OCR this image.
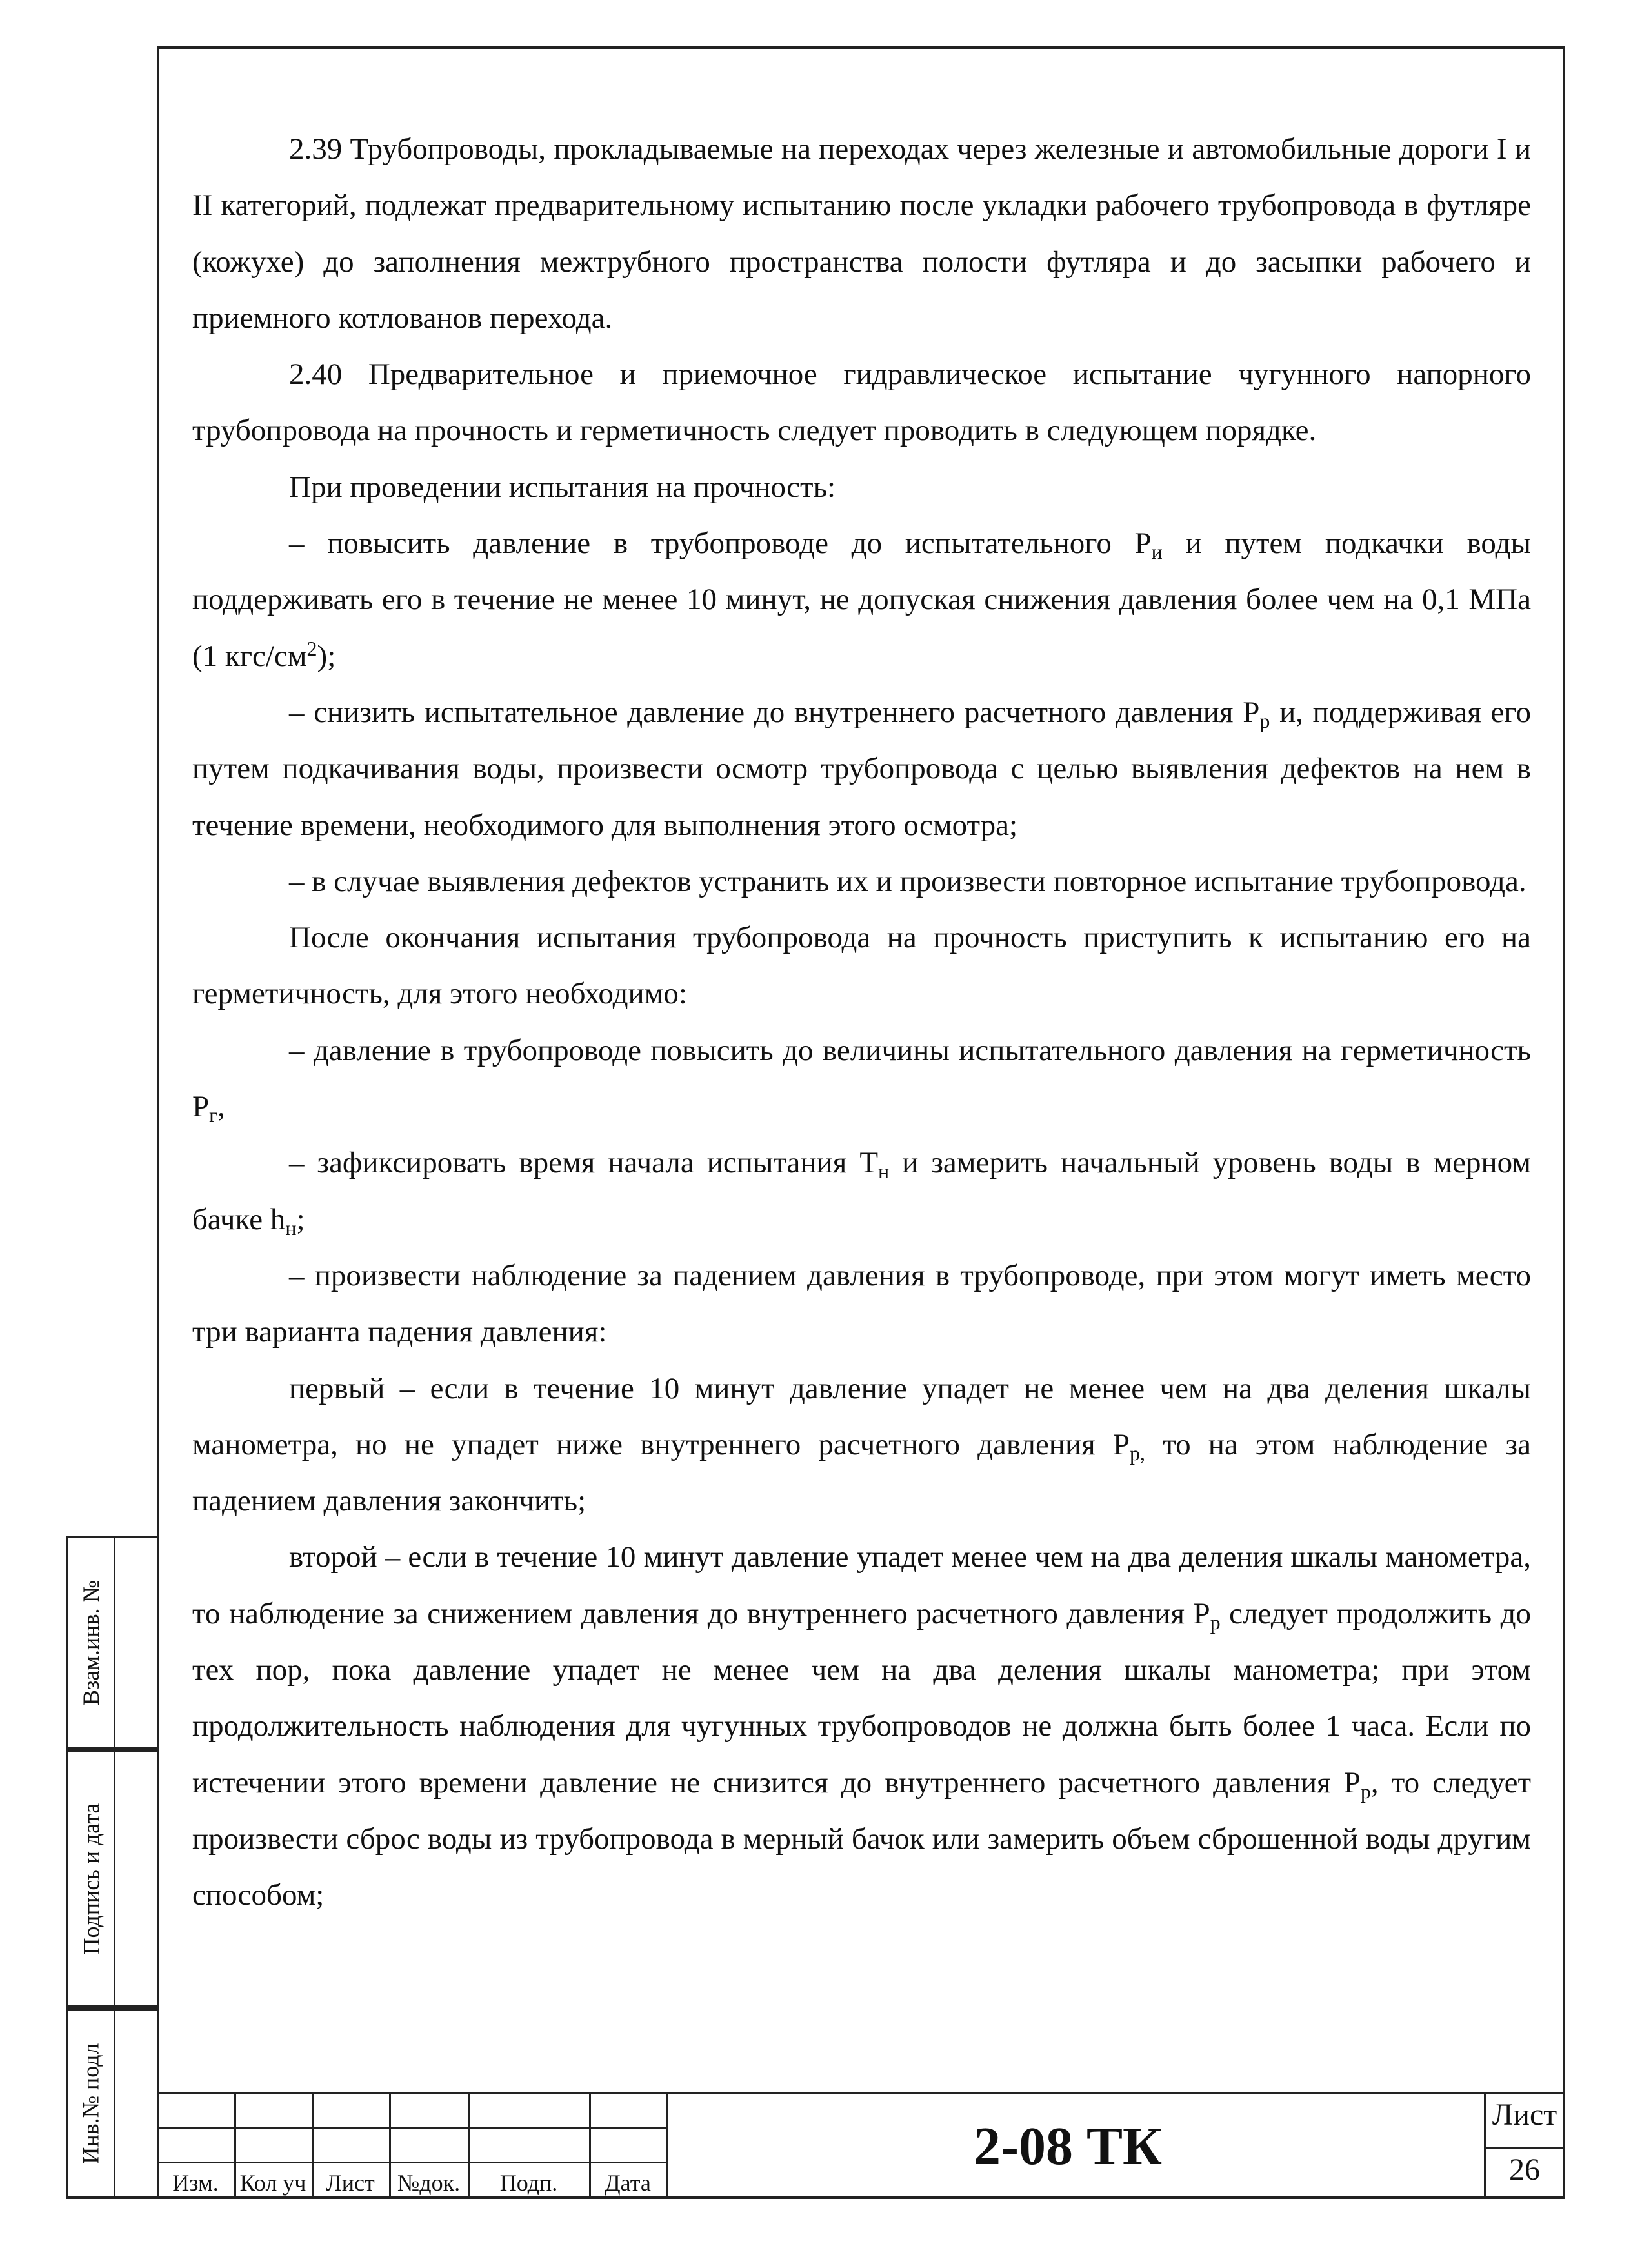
2.39 Трубопроводы, прокладываемые на переходах через железные и автомобильные дороги I и II категорий, подлежат предварительному испытанию после укладки рабочего трубопровода в футляре (кожухе) до заполнения межтрубного пространства полости футляра и до засыпки рабочего и приемного котлованов перехода.

2.40 Предварительное и приемочное гидравлическое испытание чугунного напорного трубопровода на прочность и герметичность следует проводить в следующем порядке.

При проведении испытания на прочность:

– повысить давление в трубопроводе до испытательного $Р_и$ и путем подкачки воды поддерживать его в течение не менее 10 минут, не допуская снижения давления более чем на 0,1 МПа (1 кгс/$см^2$);

– снизить испытательное давление до внутреннего расчетного давления $Р_р$ и, поддерживая его путем подкачивания воды, произвести осмотр трубопровода с целью выявления дефектов на нем в течение времени, необходимого для выполнения этого осмотра;

– в случае выявления дефектов устранить их и произвести повторное испытание трубопровода.

После окончания испытания трубопровода на прочность приступить к испытанию его на герметичность, для этого необходимо:

– давление в трубопроводе повысить до величины испытательного давления на герметичность $Р_г$,

– зафиксировать время начала испытания $Т_н$ и замерить начальный уровень воды в мерном бачке $h_н$;

– произвести наблюдение за падением давления в трубопроводе, при этом могут иметь место три варианта падения давления:

первый – если в течение 10 минут давление упадет не менее чем на два деления шкалы манометра, но не упадет ниже внутреннего расчетного давления $Р_{р,}$ то на этом наблюдение за падением давления закончить;

второй – если в течение 10 минут давление упадет менее чем на два деления шкалы манометра, то наблюдение за снижением давления до внутреннего расчетного давления $Р_р$ следует продолжить до тех пор, пока давление упадет не менее чем на два деления шкалы манометра; при этом продолжительность наблюдения для чугунных трубопроводов не должна быть более 1 часа. Если по истечении этого времени давление не снизится до внутреннего расчетного давления $Р_р$, то следует произвести сброс воды из трубопровода в мерный бачок или замерить объем сброшенной воды другим способом;

Взам.инв. №
Подпись и дата
Инв.№ подл
Изм. Кол уч Лист №док.	Подп.	Дата
2-08 ТК
Лист
26
